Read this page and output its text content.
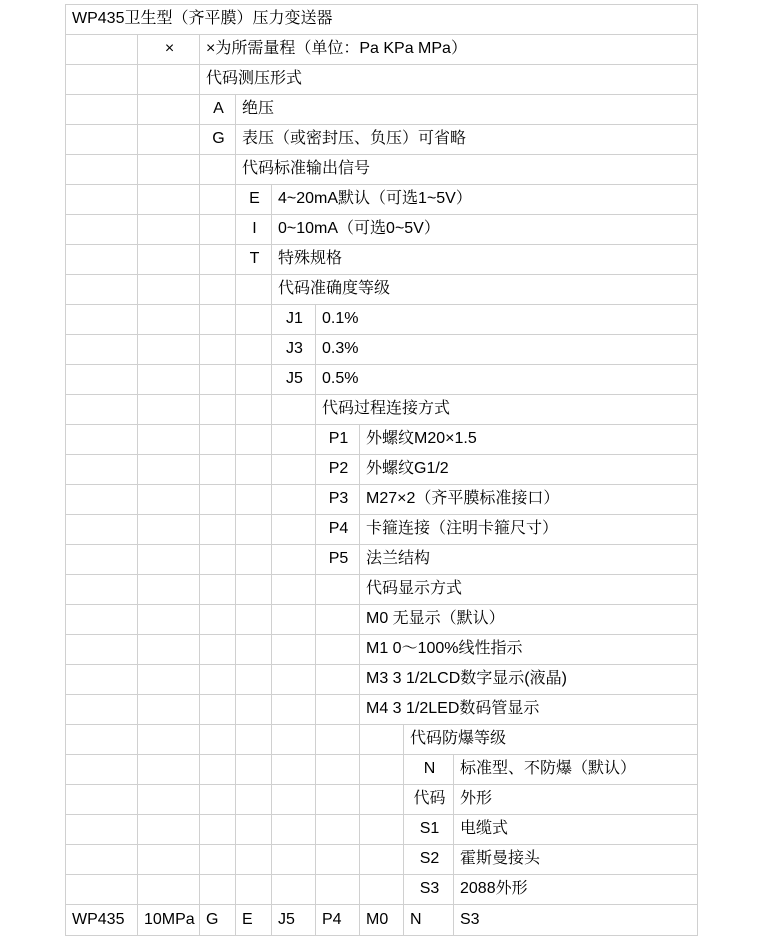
WP435卫生型（齐平膜）压力变送器								
	×	×为所需量程（单位：Pa KPa MPa）						
		代码测压形式						
		A	绝压					
		G	表压（或密封压、负压）可省略					
			代码标准输出信号					
			E	4~20mA默认（可选1~5V）				
			I	0~10mA（可选0~5V）				
			T	特殊规格				
				代码准确度等级				
				J1	0.1%			
				J3	0.3%			
				J5	0.5%			
					代码过程连接方式			
					P1	外螺纹M20×1.5		
					P2	外螺纹G1/2		
					P3	M27×2（齐平膜标准接口）		
					P4	卡箍连接（注明卡箍尺寸）		
					P5	法兰结构		
						代码显示方式		
						M0 无显示（默认）		
						M1 0～100%线性指示		
						M3 3 1/2LCD数字显示(液晶)		
						M4 3 1/2LED数码管显示		
							代码防爆等级	
							N	标准型、不防爆（默认）
							代码	外形
							S1	电缆式
							S2	霍斯曼接头
							S3	2088外形
WP435	10MPa	G	E	J5	P4	M0	N	S3
